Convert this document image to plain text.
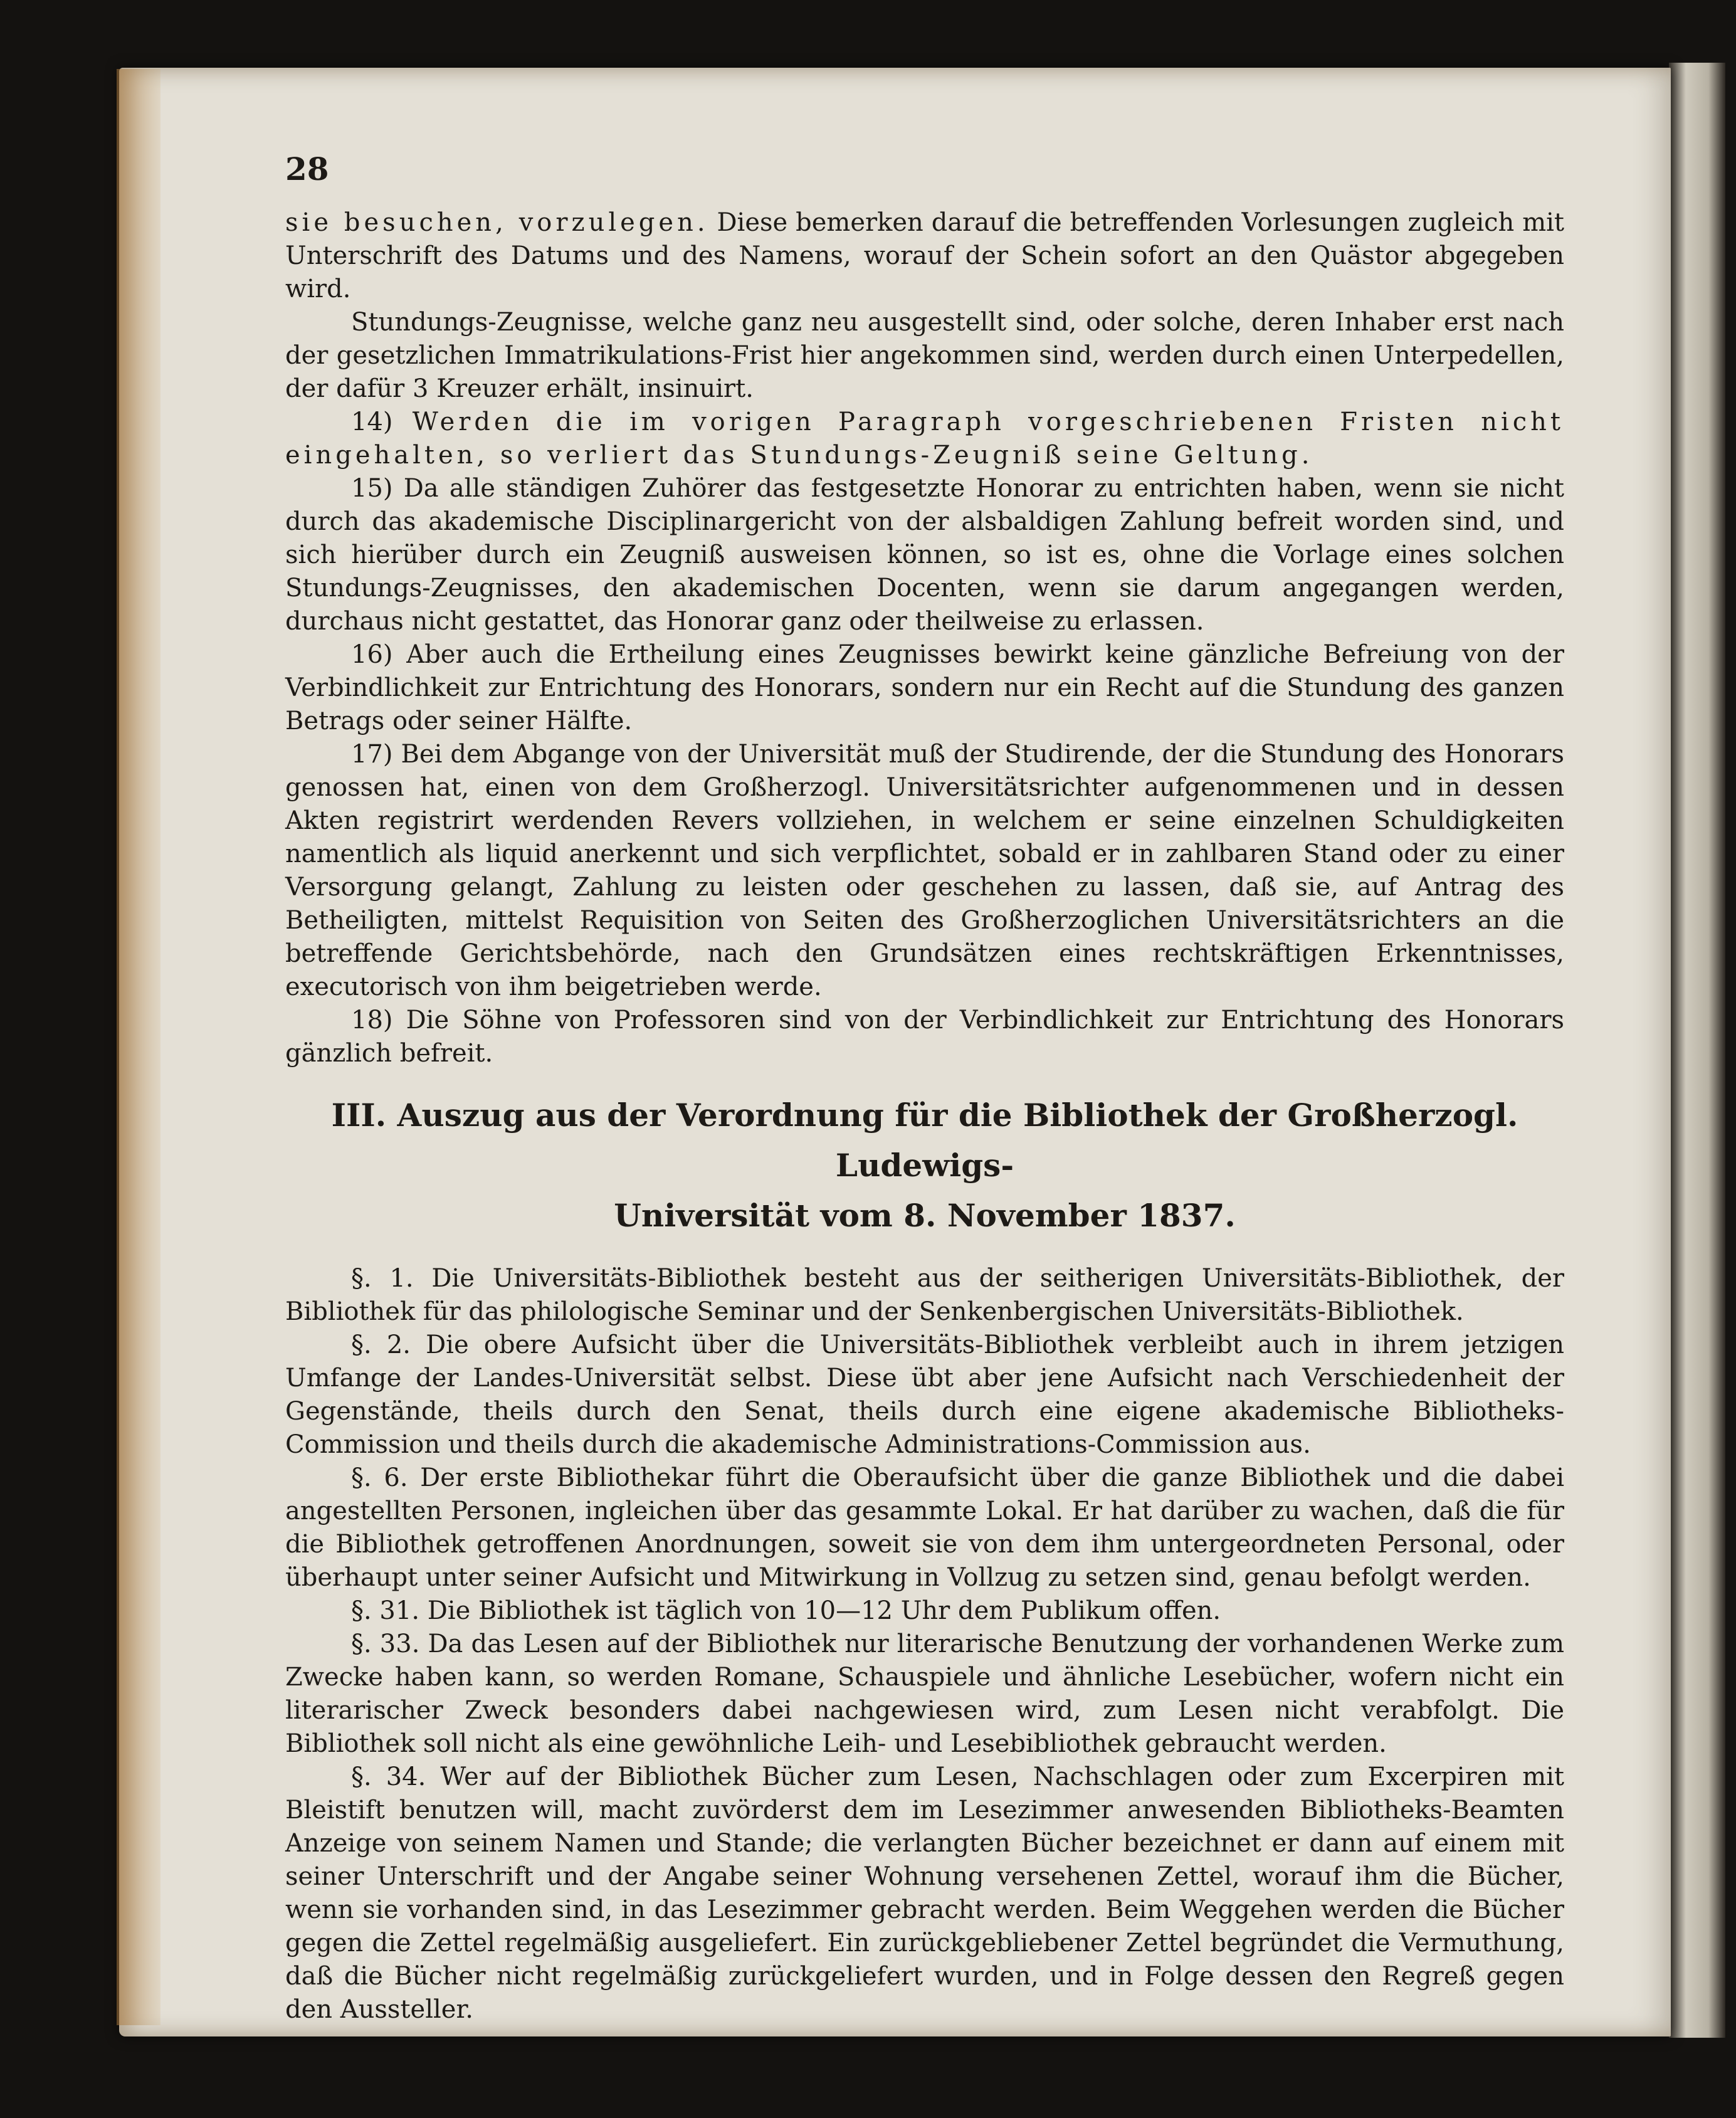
28

sie besuchen, vorzulegen. Diese bemerken darauf die betreffenden Vorlesungen zugleich mit Unterschrift des Datums und des Namens, worauf der Schein sofort an den Quästor abgegeben wird.

Stundungs-Zeugnisse, welche ganz neu ausgestellt sind, oder solche, deren Inhaber erst nach der gesetzlichen Immatrikulations-Frist hier angekommen sind, werden durch einen Unterpedellen, der dafür 3 Kreuzer erhält, insinuirt.

14) Werden die im vorigen Paragraph vorgeschriebenen Fristen nicht eingehalten, so verliert das Stundungs-Zeugniß seine Geltung.

15) Da alle ständigen Zuhörer das festgesetzte Honorar zu entrichten haben, wenn sie nicht durch das akademische Disciplinargericht von der alsbaldigen Zahlung befreit worden sind, und sich hierüber durch ein Zeugniß ausweisen können, so ist es, ohne die Vorlage eines solchen Stundungs-Zeugnisses, den akademischen Docenten, wenn sie darum angegangen werden, durchaus nicht gestattet, das Honorar ganz oder theilweise zu erlassen.

16) Aber auch die Ertheilung eines Zeugnisses bewirkt keine gänzliche Befreiung von der Verbindlichkeit zur Entrichtung des Honorars, sondern nur ein Recht auf die Stundung des ganzen Betrags oder seiner Hälfte.

17) Bei dem Abgange von der Universität muß der Studirende, der die Stundung des Honorars genossen hat, einen von dem Großherzogl. Universitätsrichter aufgenommenen und in dessen Akten registrirt werdenden Revers vollziehen, in welchem er seine einzelnen Schuldigkeiten namentlich als liquid anerkennt und sich verpflichtet, sobald er in zahlbaren Stand oder zu einer Versorgung gelangt, Zahlung zu leisten oder geschehen zu lassen, daß sie, auf Antrag des Betheiligten, mittelst Requisition von Seiten des Großherzoglichen Universitätsrichters an die betreffende Gerichtsbehörde, nach den Grundsätzen eines rechtskräftigen Erkenntnisses, executorisch von ihm beigetrieben werde.

18) Die Söhne von Professoren sind von der Verbindlichkeit zur Entrichtung des Honorars gänzlich befreit.

III. Auszug aus der Verordnung für die Bibliothek der Großherzogl. Ludewigs-
Universität vom 8. November 1837.

§. 1. Die Universitäts-Bibliothek besteht aus der seitherigen Universitäts-Bibliothek, der Bibliothek für das philologische Seminar und der Senkenbergischen Universitäts-Bibliothek.

§. 2. Die obere Aufsicht über die Universitäts-Bibliothek verbleibt auch in ihrem jetzigen Umfange der Landes-Universität selbst. Diese übt aber jene Aufsicht nach Verschiedenheit der Gegenstände, theils durch den Senat, theils durch eine eigene akademische Bibliotheks-Commission und theils durch die akademische Administrations-Commission aus.

§. 6. Der erste Bibliothekar führt die Oberaufsicht über die ganze Bibliothek und die dabei angestellten Personen, ingleichen über das gesammte Lokal. Er hat darüber zu wachen, daß die für die Bibliothek getroffenen Anordnungen, soweit sie von dem ihm untergeordneten Personal, oder überhaupt unter seiner Aufsicht und Mitwirkung in Vollzug zu setzen sind, genau befolgt werden.

§. 31. Die Bibliothek ist täglich von 10—12 Uhr dem Publikum offen.

§. 33. Da das Lesen auf der Bibliothek nur literarische Benutzung der vorhandenen Werke zum Zwecke haben kann, so werden Romane, Schauspiele und ähnliche Lesebücher, wofern nicht ein literarischer Zweck besonders dabei nachgewiesen wird, zum Lesen nicht verabfolgt. Die Bibliothek soll nicht als eine gewöhnliche Leih- und Lesebibliothek gebraucht werden.

§. 34. Wer auf der Bibliothek Bücher zum Lesen, Nachschlagen oder zum Excerpiren mit Bleistift benutzen will, macht zuvörderst dem im Lesezimmer anwesenden Bibliotheks-Beamten Anzeige von seinem Namen und Stande; die verlangten Bücher bezeichnet er dann auf einem mit seiner Unterschrift und der Angabe seiner Wohnung versehenen Zettel, worauf ihm die Bücher, wenn sie vorhanden sind, in das Lesezimmer gebracht werden. Beim Weggehen werden die Bücher gegen die Zettel regelmäßig ausgeliefert. Ein zurückgebliebener Zettel begründet die Vermuthung, daß die Bücher nicht regelmäßig zurückgeliefert wurden, und in Folge dessen den Regreß gegen den Aussteller.
